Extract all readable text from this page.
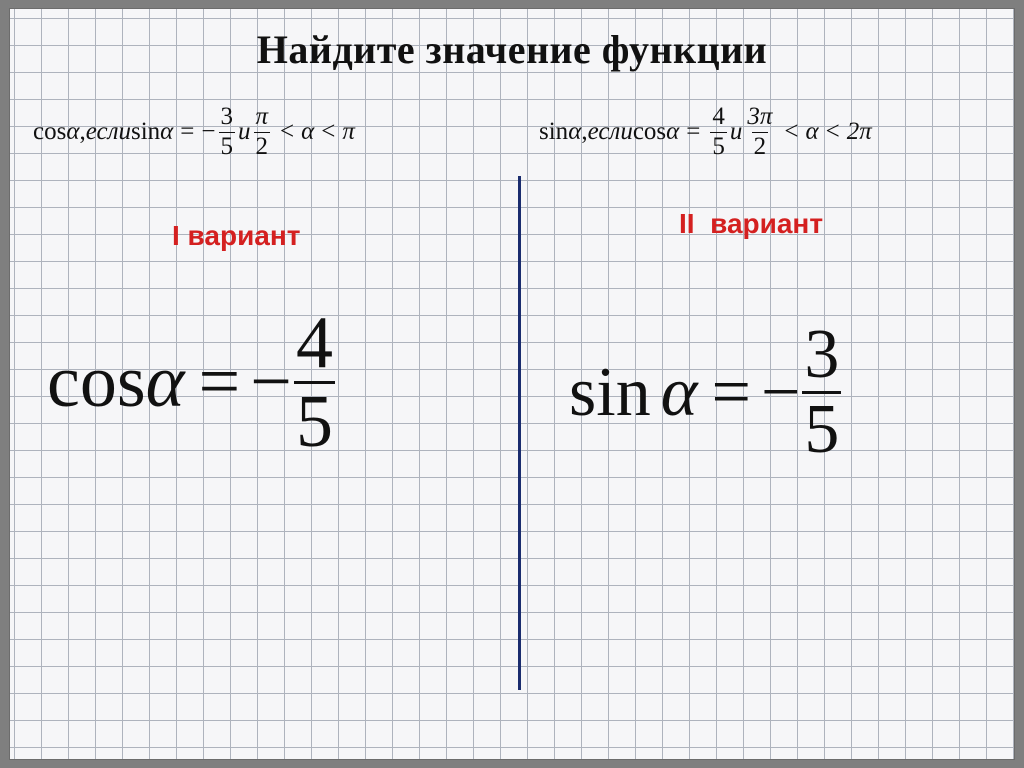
Найдите значение функции
cos α , если sin α = − $\frac{3}{5}$ и $\frac{\pi}{2} < \alpha < \pi$	sin α , если $\cos \alpha = \frac{4}{5}$ и $\frac{3\pi}{2} < \alpha < 2\pi$
I вариант	II  вариант
cos α = − $\frac{4}{5}$	sin α = − $\frac{3}{5}$
